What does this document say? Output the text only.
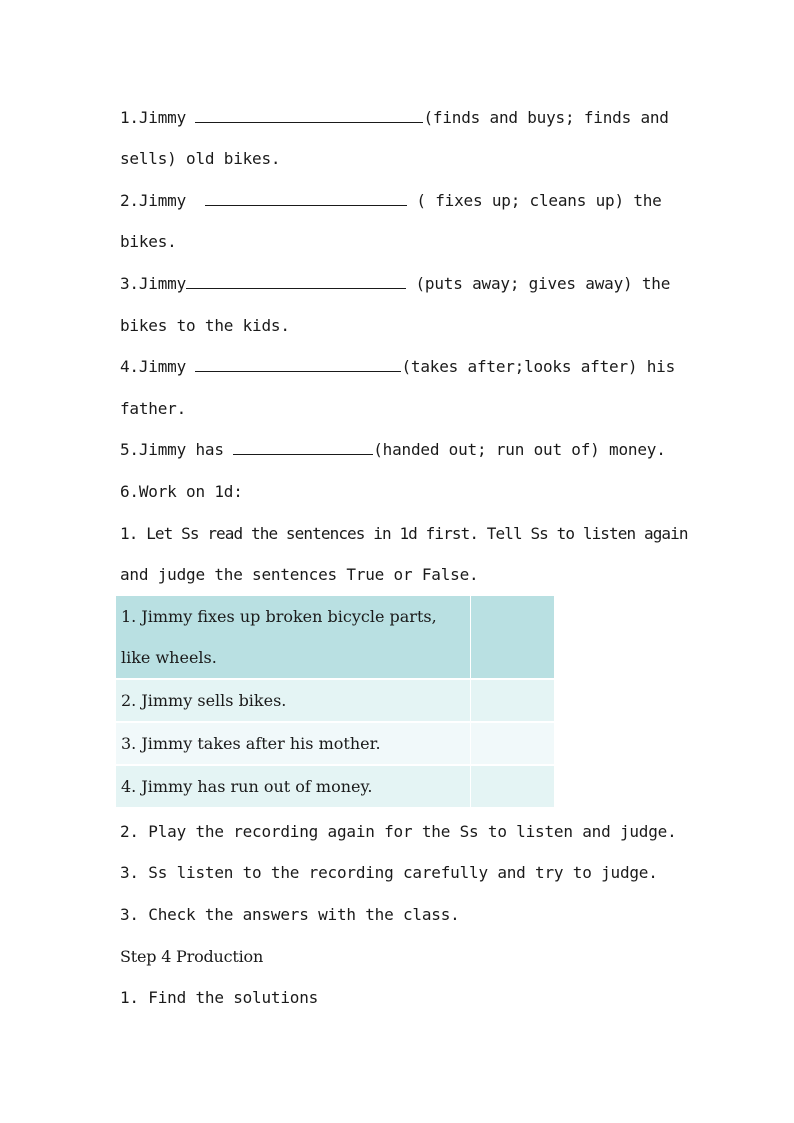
1.Jimmy	(finds and buys; finds and
sells) old bikes.
2.Jimmy	( fixes up; cleans up) the
bikes.
3.Jimmy	(puts away; gives away) the
bikes to the kids.
4.Jimmy	(takes after;looks after) his
father.
5.Jimmy has	(handed out; run out of) money.
6.Work on 1d:
1. Let Ss read the sentences in 1d first. Tell Ss to listen again
and judge the sentences True or False.
1. Jimmy fixes up broken bicycle parts,
like wheels.	

2. Jimmy sells bikes.	
3. Jimmy takes after his mother.	
4. Jimmy has run out of money.	
2. Play the recording again for the Ss to listen and judge.
3. Ss listen to the recording carefully and try to judge.
3. Check the answers with the class.
Step 4 Production
1. Find the solutions
